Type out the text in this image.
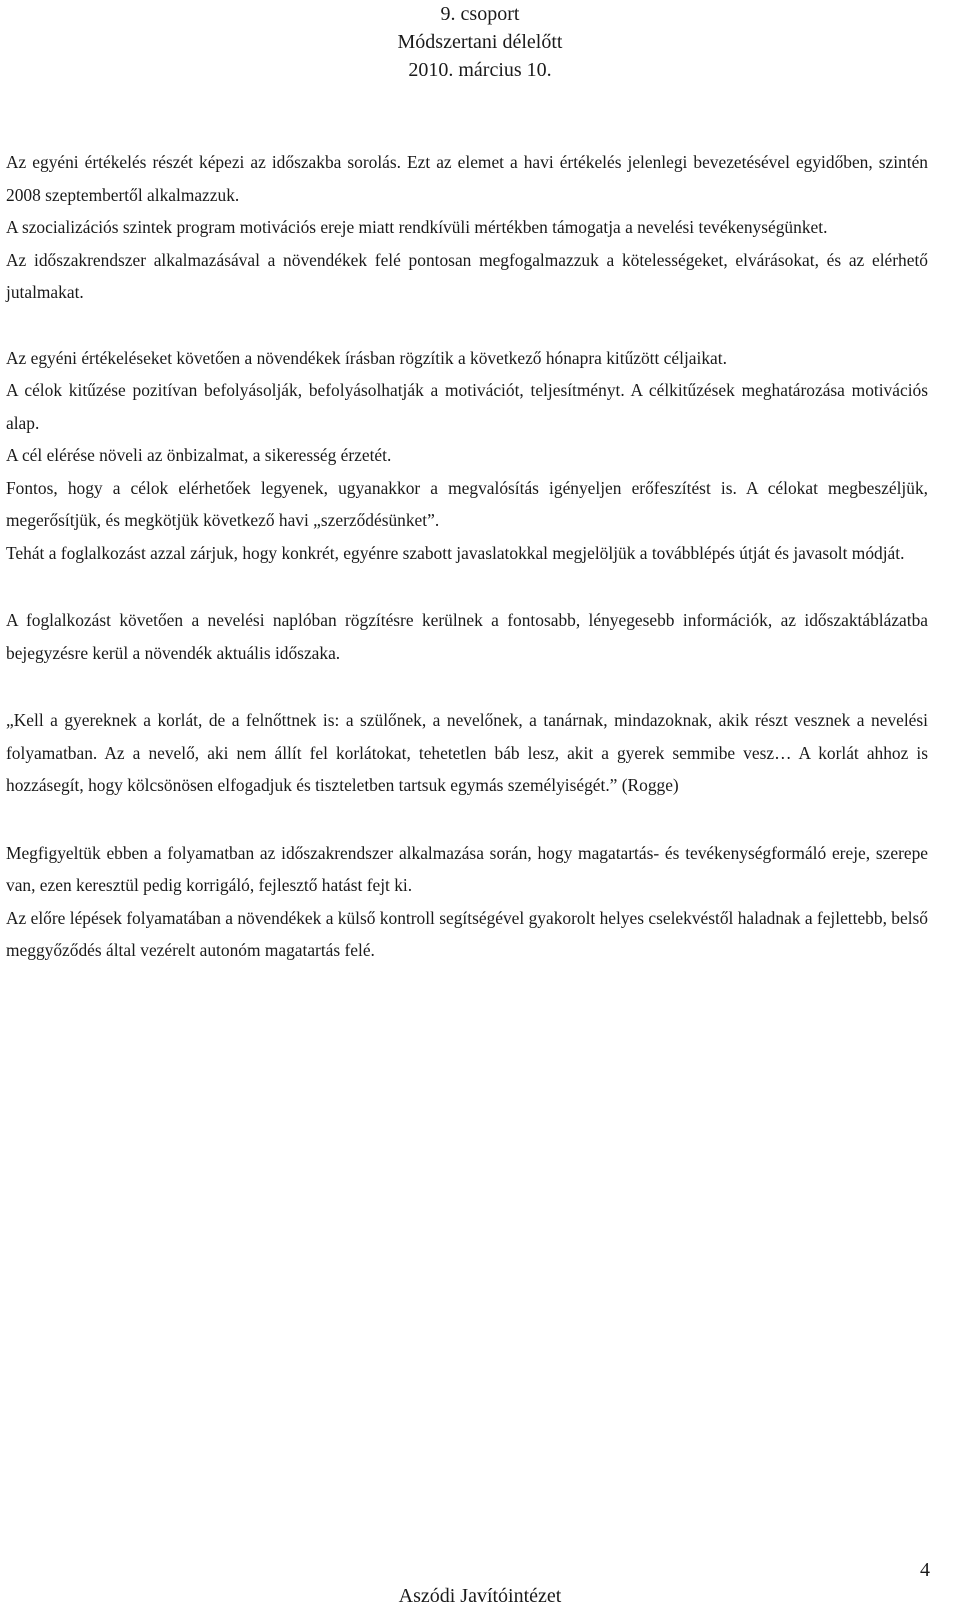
9. csoport
Módszertani délelőtt
2010. március 10.

Az egyéni értékelés részét képezi az időszakba sorolás. Ezt az elemet a havi értékelés jelenlegi bevezetésével egyidőben, szintén 2008 szeptembertől alkalmazzuk.

A szocializációs szintek program motivációs ereje miatt rendkívüli mértékben támogatja a nevelési tevékenységünket.

Az időszakrendszer alkalmazásával a növendékek felé pontosan megfogalmazzuk a kötelességeket, elvárásokat, és az elérhető jutalmakat.

Az egyéni értékeléseket követően a növendékek írásban rögzítik a következő hónapra kitűzött céljaikat.

A célok kitűzése pozitívan befolyásolják, befolyásolhatják a motivációt, teljesítményt. A célkitűzések meghatározása motivációs alap.

A cél elérése növeli az önbizalmat, a sikeresség érzetét.

Fontos, hogy a célok elérhetőek legyenek, ugyanakkor a megvalósítás igényeljen erőfeszítést is. A célokat megbeszéljük, megerősítjük, és megkötjük következő havi „szerződésünket”.

Tehát a foglalkozást azzal zárjuk, hogy konkrét, egyénre szabott javaslatokkal megjelöljük a továbblépés útját és javasolt módját.

A foglalkozást követően a nevelési naplóban rögzítésre kerülnek a fontosabb, lényegesebb információk, az időszaktáblázatba bejegyzésre kerül a növendék aktuális időszaka.

„Kell a gyereknek a korlát, de a felnőttnek is: a szülőnek, a nevelőnek, a tanárnak, mindazoknak, akik részt vesznek a nevelési folyamatban. Az a nevelő, aki nem állít fel korlátokat, tehetetlen báb lesz, akit a gyerek semmibe vesz… A korlát ahhoz is hozzásegít, hogy kölcsönösen elfogadjuk és tiszteletben tartsuk egymás személyiségét.” (Rogge)

Megfigyeltük ebben a folyamatban az időszakrendszer alkalmazása során, hogy magatartás- és tevékenységformáló ereje, szerepe van, ezen keresztül pedig korrigáló, fejlesztő hatást fejt ki.

Az előre lépések folyamatában a növendékek a külső kontroll segítségével gyakorolt helyes cselekvéstől haladnak a fejlettebb, belső meggyőződés által vezérelt autonóm magatartás felé.

4
Aszódi Javítóintézet
